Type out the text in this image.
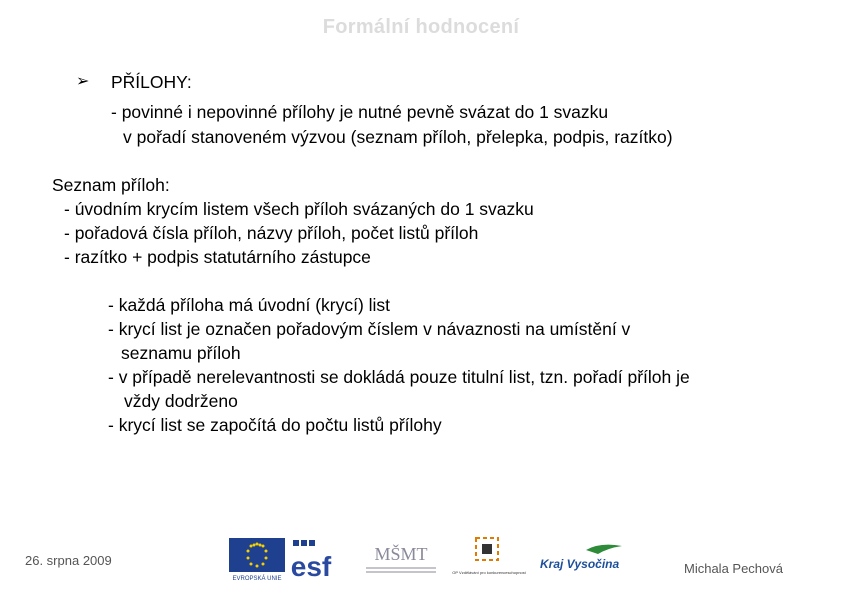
Formální hodnocení
➢ PŘÍLOHY:
- povinné i nepovinné přílohy je nutné pevně svázat do 1 svazku
v pořadí stanoveném výzvou (seznam příloh, přelepka, podpis, razítko)
Seznam příloh:
- úvodním krycím listem všech příloh svázaných do 1 svazku
- pořadová čísla příloh, názvy příloh, počet listů příloh
- razítko + podpis statutárního zástupce
- každá příloha má úvodní (krycí) list
- krycí list je označen pořadovým číslem v návaznosti na umístění v
seznamu příloh
- v případě nerelevantnosti se dokládá pouze titulní list, tzn. pořadí příloh je
vždy dodrženo
- krycí list se započítá do počtu listů přílohy
26. srpna 2009
EVROPSKÁ UNIE esf MŠMT
OP Vzdělávání pro konkurenceschopnost
Kraj Vysočina	Michala Pechová
